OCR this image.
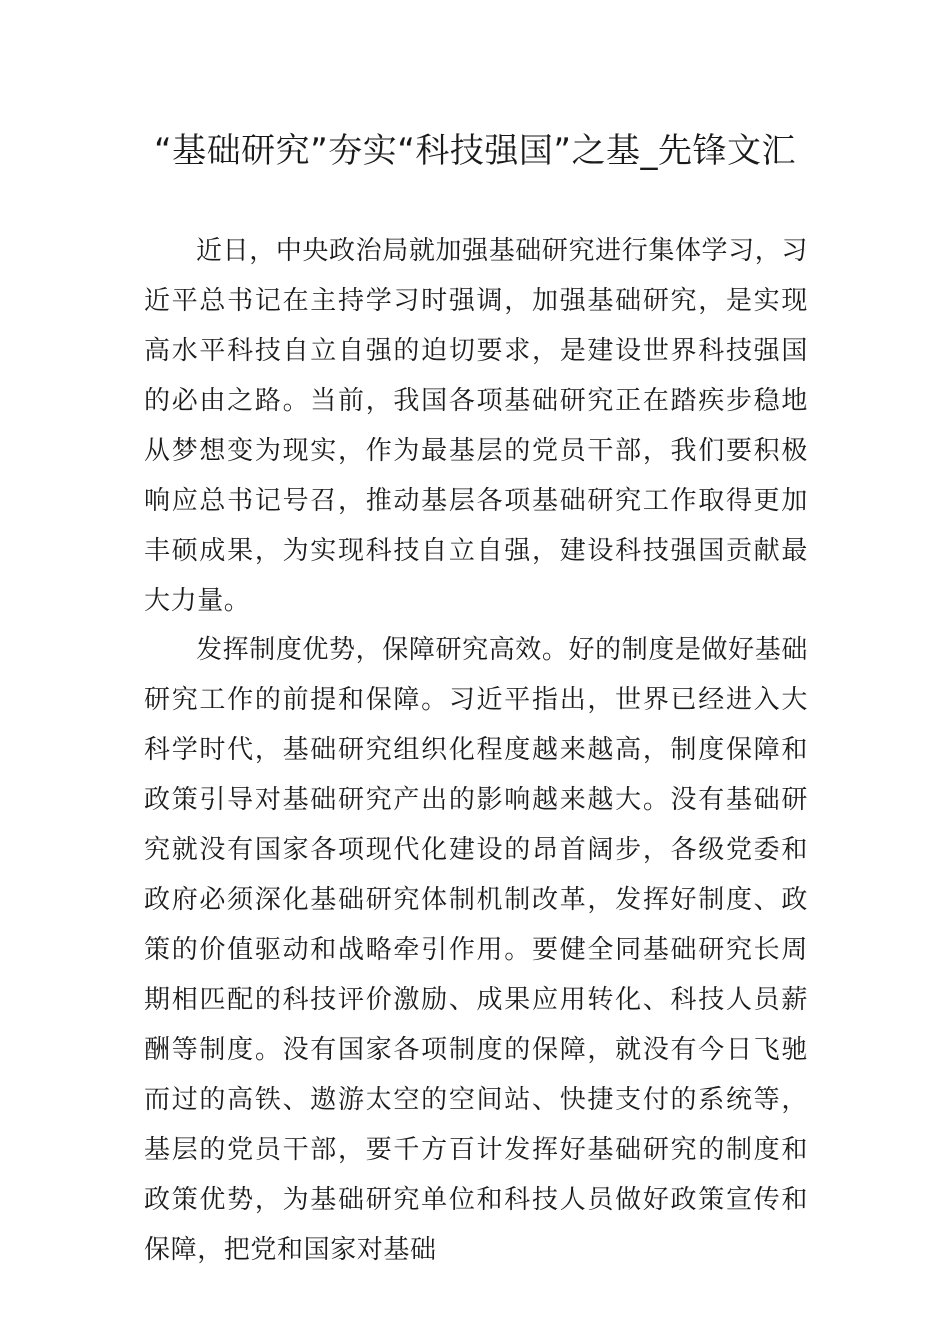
“基础研究”夯实“科技强国”之基_先锋文汇

近日，中央政治局就加强基础研究进行集体学习，习近平总书记在主持学习时强调，加强基础研究，是实现高水平科技自立自强的迫切要求，是建设世界科技强国的必由之路。当前，我国各项基础研究正在踏疾步稳地从梦想变为现实，作为最基层的党员干部，我们要积极响应总书记号召，推动基层各项基础研究工作取得更加丰硕成果，为实现科技自立自强，建设科技强国贡献最大力量。

发挥制度优势，保障研究高效。好的制度是做好基础研究工作的前提和保障。习近平指出，世界已经进入大科学时代，基础研究组织化程度越来越高，制度保障和政策引导对基础研究产出的影响越来越大。没有基础研究就没有国家各项现代化建设的昂首阔步，各级党委和政府必须深化基础研究体制机制改革，发挥好制度、政策的价值驱动和战略牵引作用。要健全同基础研究长周期相匹配的科技评价激励、成果应用转化、科技人员薪酬等制度。没有国家各项制度的保障，就没有今日飞驰而过的高铁、遨游太空的空间站、快捷支付的系统等，基层的党员干部，要千方百计发挥好基础研究的制度和政策优势，为基础研究单位和科技人员做好政策宣传和保障，把党和国家对基础
